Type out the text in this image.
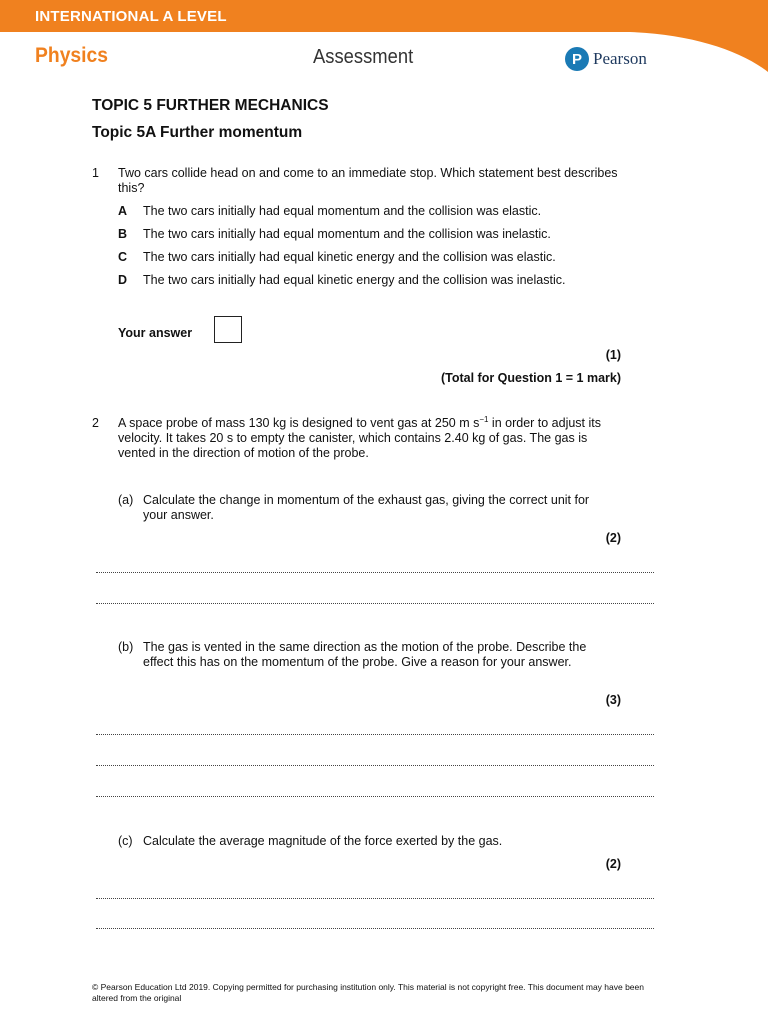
INTERNATIONAL A LEVEL
Physics	Assessment	P Pearson
TOPIC 5 FURTHER MECHANICS
Topic 5A Further momentum
1 Two cars collide head on and come to an immediate stop. Which statement best describes this?
A The two cars initially had equal momentum and the collision was elastic.
B The two cars initially had equal momentum and the collision was inelastic.
C The two cars initially had equal kinetic energy and the collision was elastic.
D The two cars initially had equal kinetic energy and the collision was inelastic.
Your answer
(1)
(Total for Question 1 = 1 mark)
2 A space probe of mass 130 kg is designed to vent gas at 250 m $s^{-1}$ in order to adjust its velocity. It takes 20 s to empty the canister, which contains 2.40 kg of gas. The gas is vented in the direction of motion of the probe.
(a) Calculate the change in momentum of the exhaust gas, giving the correct unit for your answer.
(2)
(b) The gas is vented in the same direction as the motion of the probe. Describe the effect this has on the momentum of the probe. Give a reason for your answer.
(3)
(c) Calculate the average magnitude of the force exerted by the gas.
(2)
© Pearson Education Ltd 2019. Copying permitted for purchasing institution only. This material is not copyright free. This document may have been altered from the original
